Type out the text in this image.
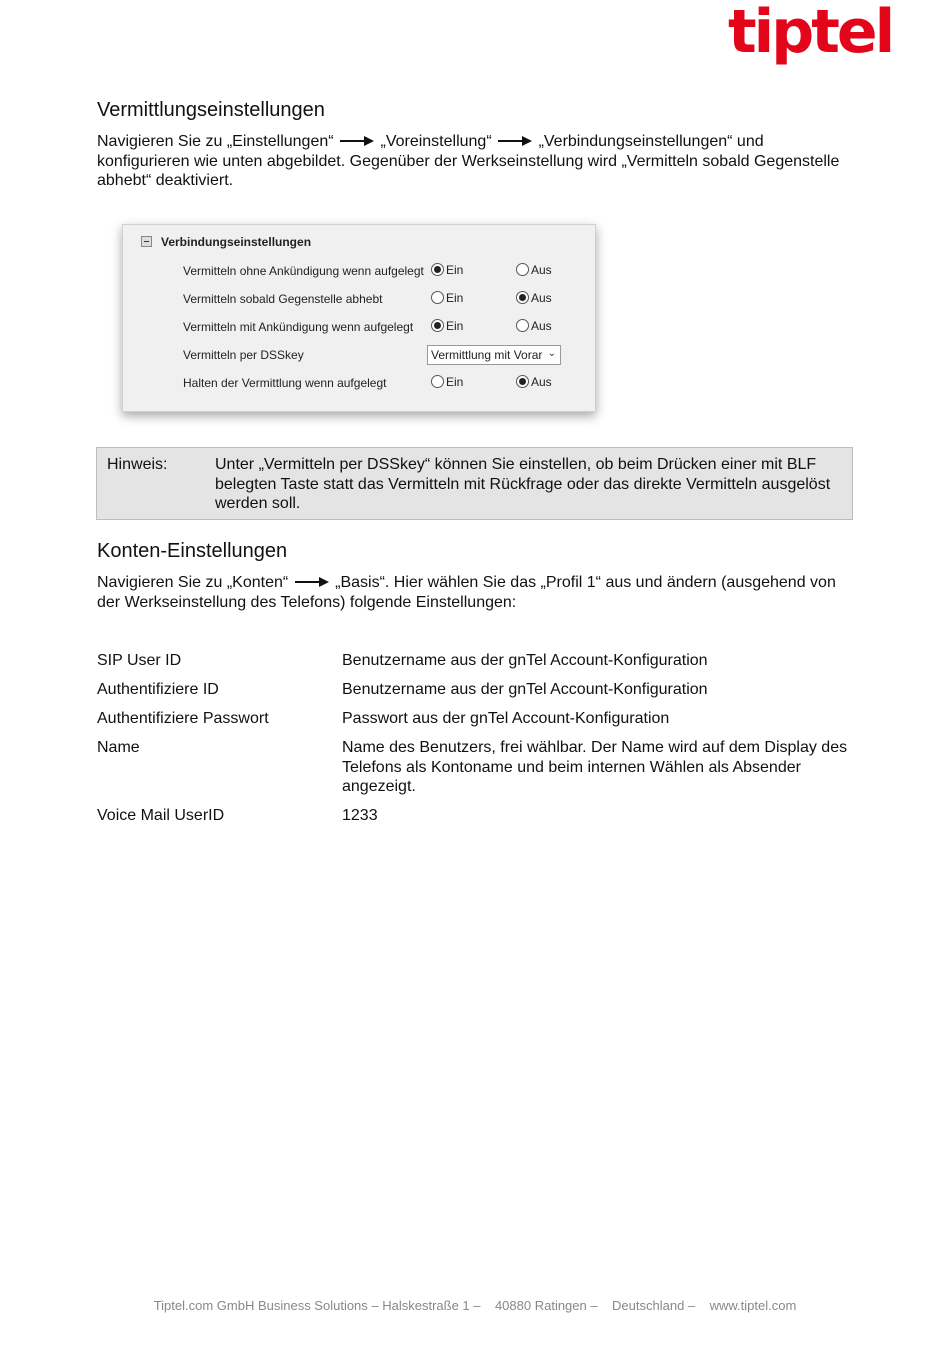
tiptel
Vermittlungseinstellungen
Navigieren Sie zu „Einstellungen“	„Voreinstellung“	„Verbindungseinstellungen“ und konfigurieren wie unten abgebildet. Gegenüber der Werkseinstellung wird „Vermitteln sobald Gegenstelle abhebt“ deaktiviert.
Verbindungseinstellungen
Vermitteln ohne Ankündigung wenn aufgelegt	Ein	Aus
Vermitteln sobald Gegenstelle abhebt	Ein	Aus
Vermitteln mit Ankündigung wenn aufgelegt	Ein	Aus
Vermitteln per DSSkey	Vermittlung mit Vorar ⌄
Halten der Vermittlung wenn aufgelegt	Ein	Aus
Hinweis:	Unter „Vermitteln per DSSkey“ können Sie einstellen, ob beim Drücken einer mit BLF belegten Taste statt das Vermitteln mit Rückfrage oder das direkte Vermitteln ausgelöst werden soll.
Konten-Einstellungen
Navigieren Sie zu „Konten“	„Basis“. Hier wählen Sie das „Profil 1“ aus und ändern (ausgehend von der Werkseinstellung des Telefons) folgende Einstellungen:
SIP User ID	Benutzername aus der gnTel Account-Konfiguration
Authentifiziere ID	Benutzername aus der gnTel Account-Konfiguration
Authentifiziere Passwort	Passwort aus der gnTel Account-Konfiguration
Name	Name des Benutzers, frei wählbar. Der Name wird auf dem Display des Telefons als Kontoname und beim internen Wählen als Absender angezeigt.
Voice Mail UserID	1233
Tiptel.com GmbH Business Solutions – Halskestraße 1 –    40880 Ratingen –    Deutschland –    www.tiptel.com
